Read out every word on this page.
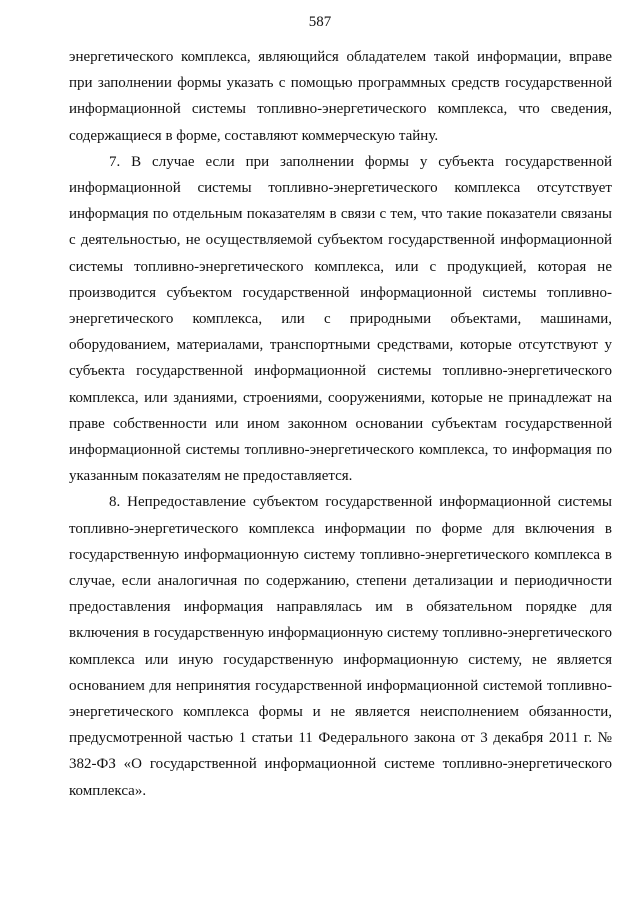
587

энергетического комплекса, являющийся обладателем такой информации, вправе при заполнении формы указать с помощью программных средств государственной информационной системы топливно-энергетического комплекса, что сведения, содержащиеся в форме, составляют коммерческую тайну.

7. В случае если при заполнении формы у субъекта государственной информационной системы топливно-энергетического комплекса отсутствует информация по отдельным показателям в связи с тем, что такие показатели связаны с деятельностью, не осуществляемой субъектом государственной информационной системы топливно-энергетического комплекса, или с продукцией, которая не производится субъектом государственной информационной системы топливно-энергетического комплекса, или с природными объектами, машинами, оборудованием, материалами, транспортными средствами, которые отсутствуют у субъекта государственной информационной системы топливно-энергетического комплекса, или зданиями, строениями, сооружениями, которые не принадлежат на праве собственности или ином законном основании субъектам государственной информационной системы топливно-энергетического комплекса, то информация по указанным показателям не предоставляется.

8. Непредоставление субъектом государственной информационной системы топливно-энергетического комплекса информации по форме для включения в государственную информационную систему топливно-энергетического комплекса в случае, если аналогичная по содержанию, степени детализации и периодичности предоставления информация направлялась им в обязательном порядке для включения в государственную информационную систему топливно-энергетического комплекса или иную государственную информационную систему, не является основанием для непринятия государственной информационной системой топливно-энергетического комплекса формы и не является неисполнением обязанности, предусмотренной частью 1 статьи 11 Федерального закона от 3 декабря 2011 г. № 382-ФЗ «О государственной информационной системе топливно-энергетического комплекса».
